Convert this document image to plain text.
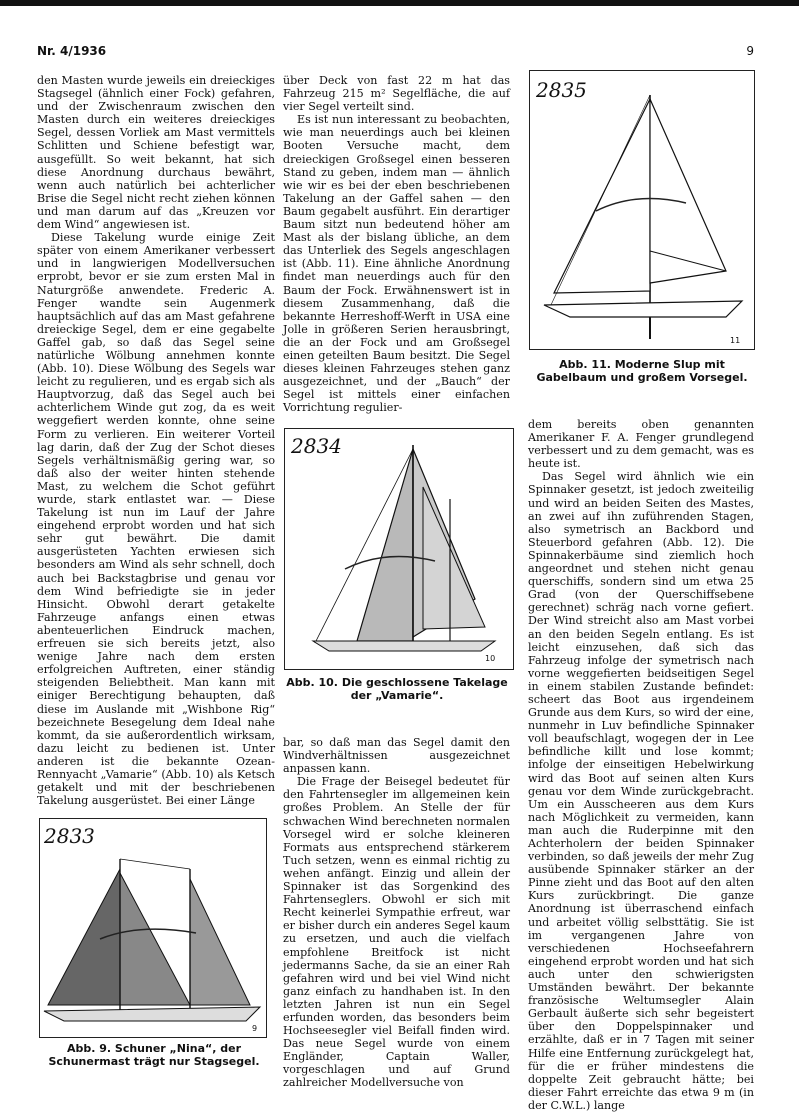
Nr. 4/1936	9

den Masten wurde jeweils ein dreieckiges Stagsegel (ähnlich einer Fock) gefahren, und der Zwischenraum zwischen den Masten durch ein weiteres dreieckiges Segel, dessen Vorliek am Mast vermittels Schlitten und Schiene befestigt war, ausgefüllt. So weit bekannt, hat sich diese Anordnung durchaus bewährt, wenn auch natürlich bei achterlicher Brise die Segel nicht recht ziehen können und man darum auf das „Kreuzen vor dem Wind“ angewiesen ist.

Diese Takelung wurde einige Zeit später von einem Amerikaner verbessert und in langwierigen Modellversuchen erprobt, bevor er sie zum ersten Mal in Naturgröße anwendete. Frederic A. Fenger wandte sein Augenmerk hauptsächlich auf das am Mast gefahrene dreieckige Segel, dem er eine gegabelte Gaffel gab, so daß das Segel seine natürliche Wölbung annehmen konnte (Abb. 10). Diese Wölbung des Segels war leicht zu regulieren, und es ergab sich als Hauptvorzug, daß das Segel auch bei achterlichem Winde gut zog, da es weit weggefiert werden konnte, ohne seine Form zu verlieren. Ein weiterer Vorteil lag darin, daß der Zug der Schot dieses Segels verhältnismäßig gering war, so daß also der weiter hinten stehende Mast, zu welchem die Schot geführt wurde, stark entlastet war. — Diese Takelung ist nun im Lauf der Jahre eingehend erprobt worden und hat sich sehr gut bewährt. Die damit ausgerüsteten Yachten erwiesen sich besonders am Wind als sehr schnell, doch auch bei Backstagbrise und genau vor dem Wind befriedigte sie in jeder Hinsicht. Obwohl derart getakelte Fahrzeuge anfangs einen etwas abenteuerlichen Eindruck machen, erfreuen sie sich bereits jetzt, also wenige Jahre nach dem ersten erfolgreichen Auftreten, einer ständig steigenden Beliebtheit. Man kann mit einiger Berechtigung behaupten, daß diese im Auslande mit „Wishbone Rig“ bezeichnete Besegelung dem Ideal nahe kommt, da sie außerordentlich wirksam, dazu leicht zu bedienen ist. Unter anderen ist die bekannte Ozean-Rennyacht „Vamarie“ (Abb. 10) als Ketsch getakelt und mit der beschriebenen Takelung ausgerüstet. Bei einer Länge

über Deck von fast 22 m hat das Fahrzeug 215 m² Segelfläche, die auf vier Segel verteilt sind.

Es ist nun interessant zu beobachten, wie man neuerdings auch bei kleinen Booten Versuche macht, dem dreieckigen Großsegel einen besseren Stand zu geben, indem man — ähnlich wie wir es bei der eben beschriebenen Takelung an der Gaffel sahen — den Baum gegabelt ausführt. Ein derartiger Baum sitzt nun bedeutend höher am Mast als der bislang übliche, an dem das Unterliek des Segels angeschlagen ist (Abb. 11). Eine ähnliche Anordnung findet man neuerdings auch für den Baum der Fock. Erwähnenswert ist in diesem Zusammenhang, daß die bekannte Herreshoff-Werft in USA eine Jolle in größeren Serien herausbringt, die an der Fock und am Großsegel einen geteilten Baum besitzt. Die Segel dieses kleinen Fahrzeuges stehen ganz ausgezeichnet, und der „Bauch“ der Segel ist mittels einer einfachen Vorrichtung regulier-

2834
10
Abb. 10. Die geschlossene Takelage der „Vamarie“.

bar, so daß man das Segel damit den Windverhältnissen ausgezeichnet anpassen kann.

Die Frage der Beisegel bedeutet für den Fahrtensegler im allgemeinen kein großes Problem. An Stelle der für schwachen Wind berechneten normalen Vorsegel wird er solche kleineren Formats aus entsprechend stärkerem Tuch setzen, wenn es einmal richtig zu wehen anfängt. Einzig und allein der Spinnaker ist das Sorgenkind des Fahrtenseglers. Obwohl er sich mit Recht keinerlei Sympathie erfreut, war er bisher durch ein anderes Segel kaum zu ersetzen, und auch die vielfach empfohlene Breitfock ist nicht jedermanns Sache, da sie an einer Rah gefahren wird und bei viel Wind nicht ganz einfach zu handhaben ist. In den letzten Jahren ist nun ein Segel erfunden worden, das besonders beim Hochseesegler viel Beifall finden wird. Das neue Segel wurde von einem Engländer, Captain Waller, vorgeschlagen und auf Grund zahlreicher Modellversuche von

2835
11
Abb. 11. Moderne Slup mit Gabelbaum und großem Vorsegel.

dem bereits oben genannten Amerikaner F. A. Fenger grundlegend verbessert und zu dem gemacht, was es heute ist.

Das Segel wird ähnlich wie ein Spinnaker gesetzt, ist jedoch zweiteilig und wird an beiden Seiten des Mastes, an zwei auf ihn zuführenden Stagen, also symetrisch an Backbord und Steuerbord gefahren (Abb. 12). Die Spinnakerbäume sind ziemlich hoch angeordnet und stehen nicht genau querschiffs, sondern sind um etwa 25 Grad (von der Querschiffsebene gerechnet) schräg nach vorne gefiert. Der Wind streicht also am Mast vorbei an den beiden Segeln entlang. Es ist leicht einzusehen, daß sich das Fahrzeug infolge der symetrisch nach vorne weggefierten beidseitigen Segel in einem stabilen Zustande befindet: scheert das Boot aus irgendeinem Grunde aus dem Kurs, so wird der eine, nunmehr in Luv befindliche Spinnaker voll beaufschlagt, wogegen der in Lee befindliche killt und lose kommt; infolge der einseitigen Hebelwirkung wird das Boot auf seinen alten Kurs genau vor dem Winde zurückgebracht. Um ein Ausscheeren aus dem Kurs nach Möglichkeit zu vermeiden, kann man auch die Ruderpinne mit den Achterholern der beiden Spinnaker verbinden, so daß jeweils der mehr Zug ausübende Spinnaker stärker an der Pinne zieht und das Boot auf den alten Kurs zurückbringt. Die ganze Anordnung ist überraschend einfach und arbeitet völlig selbsttätig. Sie ist im vergangenen Jahre von verschiedenen Hochseefahrern eingehend erprobt worden und hat sich auch unter den schwierigsten Umständen bewährt. Der bekannte französische Weltumsegler Alain Gerbault äußerte sich sehr begeistert über den Doppelspinnaker und erzählte, daß er in 7 Tagen mit seiner Hilfe eine Entfernung zurückgelegt hat, für die er früher mindestens die doppelte Zeit gebraucht hätte; bei dieser Fahrt erreichte das etwa 9 m (in der C.W.L.) lange

2833
9
Abb. 9. Schuner „Nina“, der Schunermast trägt nur Stagsegel.
